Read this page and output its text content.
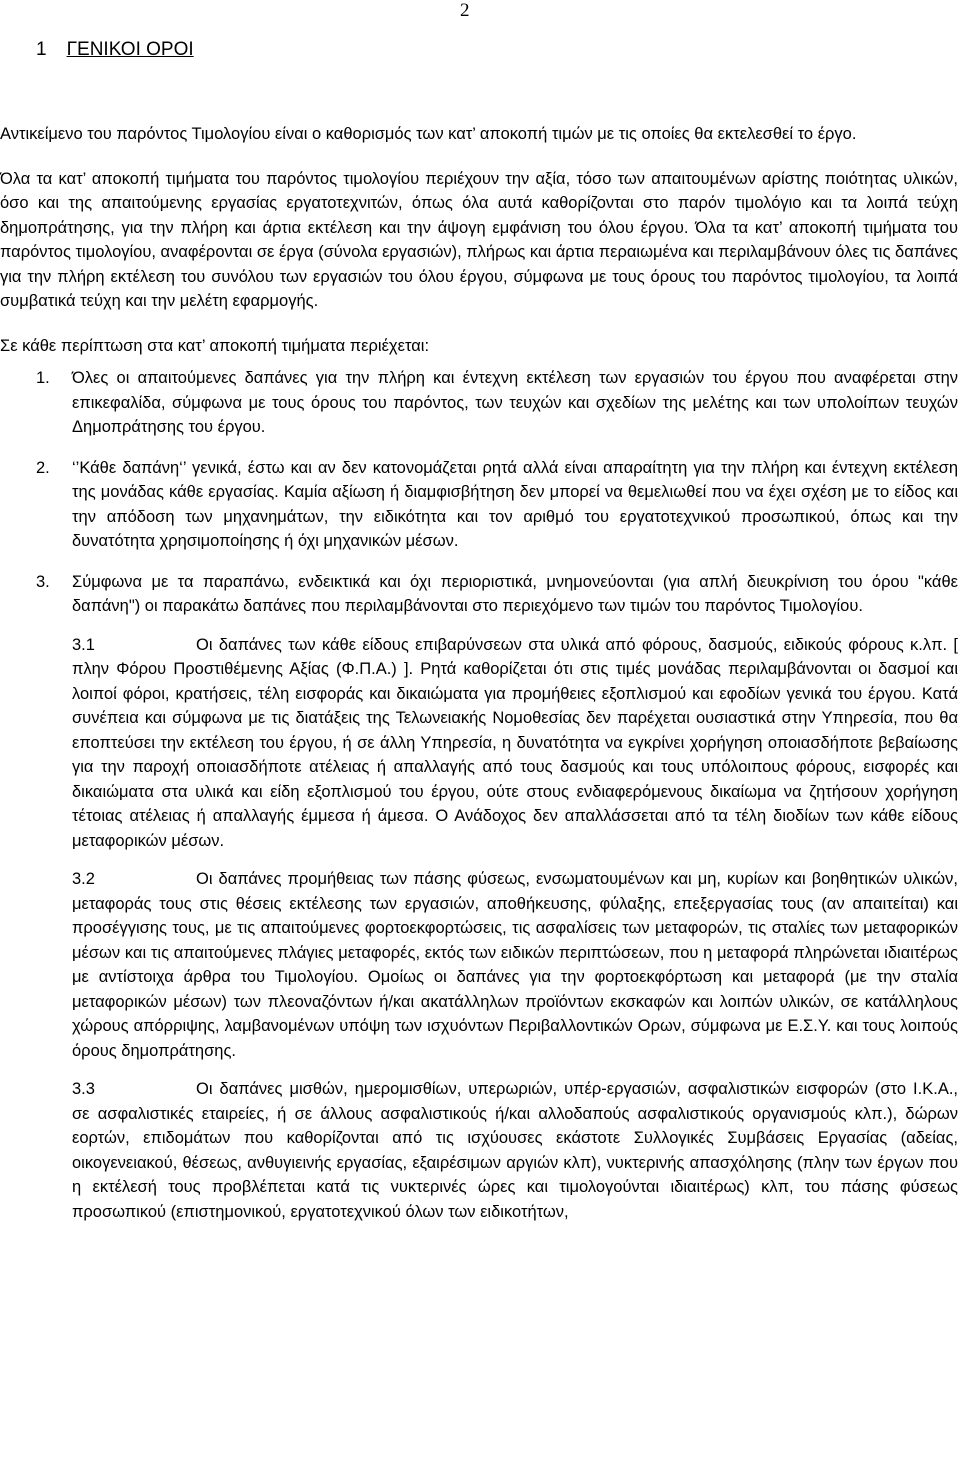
2
1 ΓΕΝΙΚΟΙ ΟΡΟΙ

Αντικείμενο του παρόντος Τιμολογίου είναι ο καθορισμός των κατ’ αποκοπή τιμών με τις οποίες θα εκτελεσθεί το έργο.

Όλα τα κατ’ αποκοπή τιμήματα του παρόντος τιμολογίου περιέχουν την αξία, τόσο των απαιτουμένων αρίστης ποιότητας υλικών, όσο και της απαιτούμενης εργασίας εργατοτεχνιτών, όπως όλα αυτά καθορίζονται στο παρόν τιμολόγιο και τα λοιπά τεύχη δημοπράτησης, για την πλήρη και άρτια εκτέλεση και την άψογη εμφάνιση του όλου έργου. Όλα τα κατ’ αποκοπή τιμήματα του παρόντος τιμολογίου, αναφέρονται σε έργα (σύνολα εργασιών), πλήρως και άρτια περαιωμένα και περιλαμβάνουν όλες τις δαπάνες για την πλήρη εκτέλεση του συνόλου των εργασιών του όλου έργου, σύμφωνα με τους όρους του παρόντος τιμολογίου, τα λοιπά συμβατικά τεύχη και την μελέτη εφαρμογής.

Σε κάθε περίπτωση στα κατ’ αποκοπή τιμήματα περιέχεται:

1.	Όλες οι απαιτούμενες δαπάνες για την πλήρη και έντεχνη εκτέλεση των εργασιών του έργου που αναφέρεται στην επικεφαλίδα, σύμφωνα με τους όρους του παρόντος, των τευχών και σχεδίων της μελέτης και των υπολοίπων τευχών Δημοπράτησης του έργου.

2.	‘’Κάθε δαπάνη‘’ γενικά, έστω και αν δεν κατονομάζεται ρητά αλλά είναι απαραίτητη για την πλήρη και έντεχνη εκτέλεση της μονάδας κάθε εργασίας. Καμία αξίωση ή διαμφισβήτηση δεν μπορεί να θεμελιωθεί που να έχει σχέση με το είδος και την απόδοση των μηχανημάτων, την ειδικότητα και τον αριθμό του εργατοτεχνικού προσωπικού, όπως και την δυνατότητα χρησιμοποίησης ή όχι μηχανικών μέσων.

3.	Σύμφωνα με τα παραπάνω, ενδεικτικά και όχι περιοριστικά, μνημονεύονται (για απλή διευκρίνιση του όρου "κάθε δαπάνη") οι παρακάτω δαπάνες που περιλαμβάνονται στο περιεχόμενο των τιμών του παρόντος Τιμολογίου.

3.1	Οι δαπάνες των κάθε είδους επιβαρύνσεων στα υλικά από φόρους, δασμούς, ειδικούς φόρους κ.λπ. [ πλην Φόρου Προστιθέμενης Αξίας (Φ.Π.Α.) ]. Ρητά καθορίζεται ότι στις τιμές μονάδας περιλαμβάνονται οι δασμοί και λοιποί φόροι, κρατήσεις, τέλη εισφοράς και δικαιώματα για προμήθειες εξοπλισμού και εφοδίων γενικά του έργου. Κατά συνέπεια και σύμφωνα με τις διατάξεις της Τελωνειακής Νομοθεσίας δεν παρέχεται ουσιαστικά στην Υπηρεσία, που θα εποπτεύσει την εκτέλεση του έργου, ή σε άλλη Υπηρεσία, η δυνατότητα να εγκρίνει χορήγηση οποιασδήποτε βεβαίωσης για την παροχή οποιασδήποτε ατέλειας ή απαλλαγής από τους δασμούς και τους υπόλοιπους φόρους, εισφορές και δικαιώματα στα υλικά και είδη εξοπλισμού του έργου, ούτε στους ενδιαφερόμενους δικαίωμα να ζητήσουν χορήγηση τέτοιας ατέλειας ή απαλλαγής έμμεσα ή άμεσα. Ο Ανάδοχος δεν απαλλάσσεται από τα τέλη διοδίων των κάθε είδους μεταφορικών μέσων.

3.2	Οι δαπάνες προμήθειας των πάσης φύσεως, ενσωματουμένων και μη, κυρίων και βοηθητικών υλικών, μεταφοράς τους στις θέσεις εκτέλεσης των εργασιών, αποθήκευσης, φύλαξης, επεξεργασίας τους (αν απαιτείται) και προσέγγισης τους, με τις απαιτούμενες φορτοεκφορτώσεις, τις ασφαλίσεις των μεταφορών, τις σταλίες των μεταφορικών μέσων και τις απαιτούμενες πλάγιες μεταφορές, εκτός των ειδικών περιπτώσεων, που η μεταφορά πληρώνεται ιδιαιτέρως με αντίστοιχα άρθρα του Τιμολογίου. Ομοίως οι δαπάνες για την φορτοεκφόρτωση και μεταφορά (με την σταλία μεταφορικών μέσων) των πλεοναζόντων ή/και ακατάλληλων προϊόντων εκσκαφών και λοιπών υλικών, σε κατάλληλους χώρους απόρριψης, λαμβανομένων υπόψη των ισχυόντων Περιβαλλοντικών Ορων, σύμφωνα με Ε.Σ.Υ. και τους λοιπούς όρους δημοπράτησης.

3.3	Οι δαπάνες μισθών, ημερομισθίων, υπερωριών, υπέρ-εργασιών, ασφαλιστικών εισφορών (στο Ι.Κ.Α., σε ασφαλιστικές εταιρείες, ή σε άλλους ασφαλιστικούς ή/και αλλοδαπούς ασφαλιστικούς οργανισμούς κλπ.), δώρων εορτών, επιδομάτων που καθορίζονται από τις ισχύουσες εκάστοτε Συλλογικές Συμβάσεις Εργασίας (αδείας, οικογενειακού, θέσεως, ανθυγιεινής εργασίας, εξαιρέσιμων αργιών κλπ), νυκτερινής απασχόλησης (πλην των έργων που η εκτέλεσή τους προβλέπεται κατά τις νυκτερινές ώρες και τιμολογούνται ιδιαιτέρως) κλπ, του πάσης φύσεως προσωπικού (επιστημονικού, εργατοτεχνικού όλων των ειδικοτήτων,
